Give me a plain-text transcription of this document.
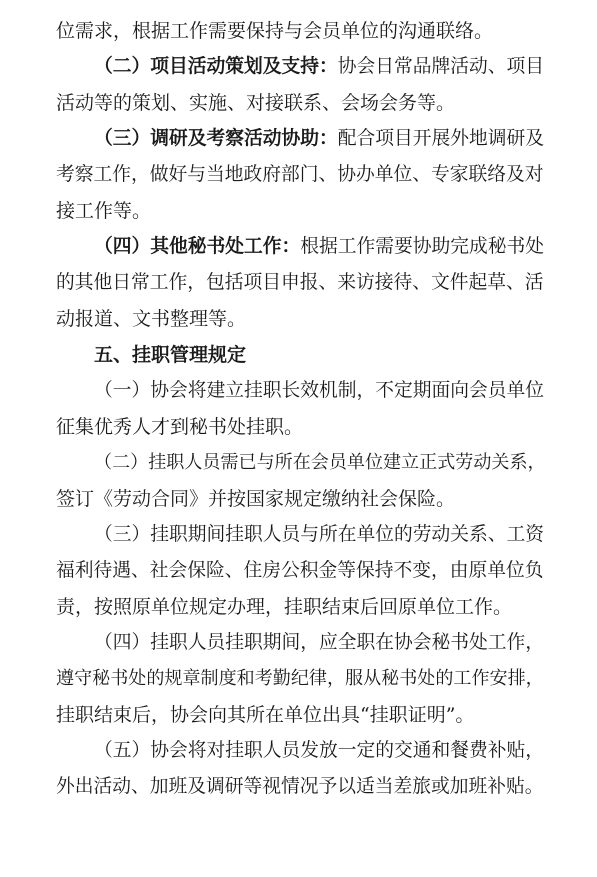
位需求，根据工作需要保持与会员单位的沟通联络。
（二）项目活动策划及支持：协会日常品牌活动、项目
活动等的策划、实施、对接联系、会场会务等。
（三）调研及考察活动协助：配合项目开展外地调研及
考察工作，做好与当地政府部门、协办单位、专家联络及对
接工作等。
（四）其他秘书处工作：根据工作需要协助完成秘书处
的其他日常工作，包括项目申报、来访接待、文件起草、活
动报道、文书整理等。
五、挂职管理规定
（一）协会将建立挂职长效机制，不定期面向会员单位
征集优秀人才到秘书处挂职。
（二）挂职人员需已与所在会员单位建立正式劳动关系，
签订《劳动合同》并按国家规定缴纳社会保险。
（三）挂职期间挂职人员与所在单位的劳动关系、工资
福利待遇、社会保险、住房公积金等保持不变，由原单位负
责，按照原单位规定办理，挂职结束后回原单位工作。
（四）挂职人员挂职期间，应全职在协会秘书处工作，
遵守秘书处的规章制度和考勤纪律，服从秘书处的工作安排，
挂职结束后，协会向其所在单位出具“挂职证明”。
（五）协会将对挂职人员发放一定的交通和餐费补贴，
外出活动、加班及调研等视情况予以适当差旅或加班补贴。
